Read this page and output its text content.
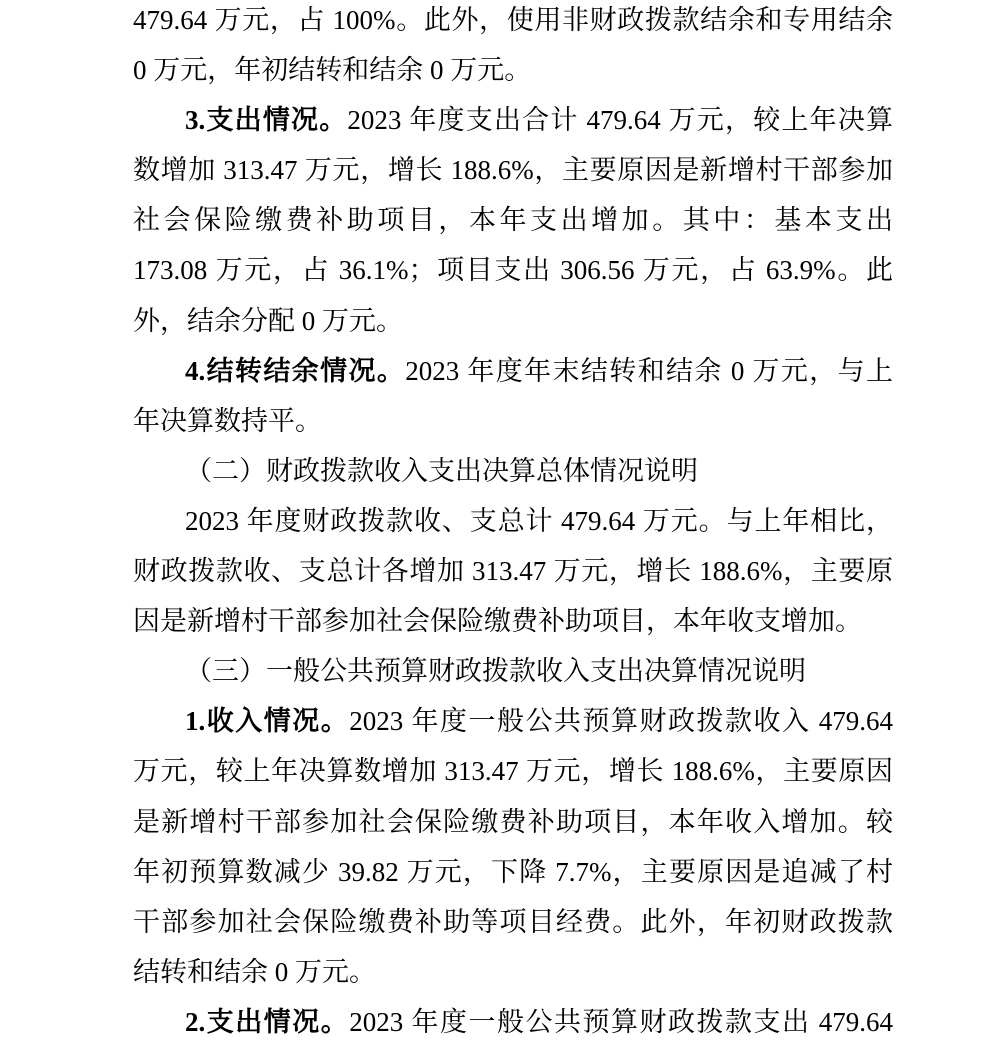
479.64 万元，占 100%。此外，使用非财政拨款结余和专用结余
0 万元，年初结转和结余 0 万元。
3.支出情况。2023 年度支出合计 479.64 万元，较上年决算
数增加 313.47 万元，增长 188.6%，主要原因是新增村干部参加
社会保险缴费补助项目，本年支出增加。其中：基本支出
173.08 万元，占 36.1%；项目支出 306.56 万元，占 63.9%。此
外，结余分配 0 万元。
4.结转结余情况。2023 年度年末结转和结余 0 万元，与上
年决算数持平。
（二）财政拨款收入支出决算总体情况说明
2023 年度财政拨款收、支总计 479.64 万元。与上年相比，
财政拨款收、支总计各增加 313.47 万元，增长 188.6%，主要原
因是新增村干部参加社会保险缴费补助项目，本年收支增加。
（三）一般公共预算财政拨款收入支出决算情况说明
1.收入情况。2023 年度一般公共预算财政拨款收入 479.64
万元，较上年决算数增加 313.47 万元，增长 188.6%，主要原因
是新增村干部参加社会保险缴费补助项目，本年收入增加。较
年初预算数减少 39.82 万元，下降 7.7%，主要原因是追减了村
干部参加社会保险缴费补助等项目经费。此外，年初财政拨款
结转和结余 0 万元。
2.支出情况。2023 年度一般公共预算财政拨款支出 479.64
